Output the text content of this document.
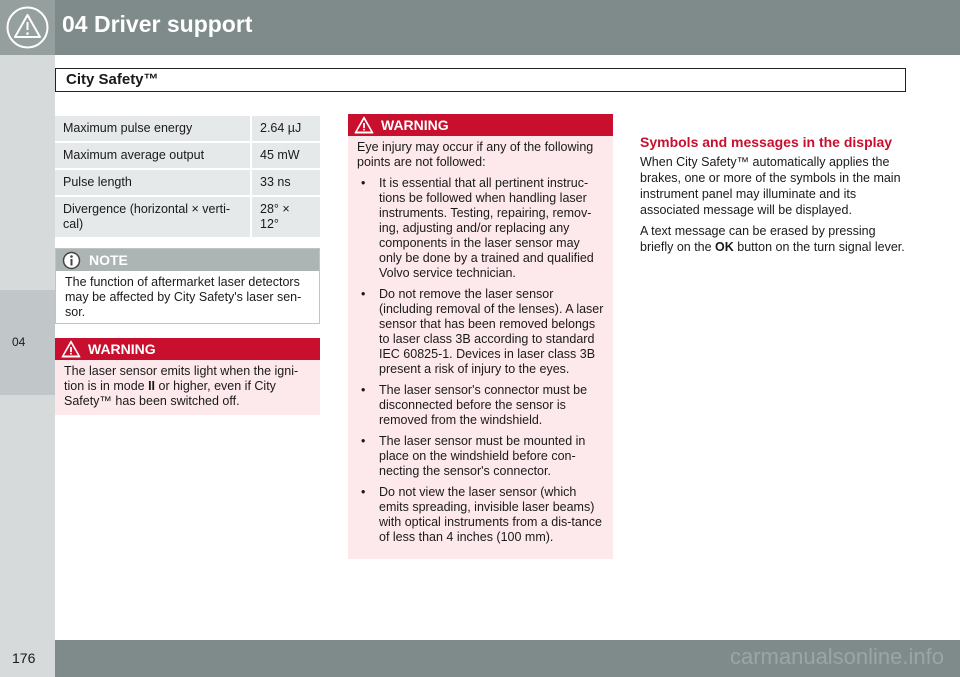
04 Driver support
04
City Safety™
Maximum pulse energy	2.64 µJ
Maximum average output	45 mW
Pulse length	33 ns
Divergence (horizontal × verti-cal)	28° × 12°
NOTE
The function of aftermarket laser detectors may be affected by City Safety's laser sen-sor.
WARNING
The laser sensor emits light when the igni-tion is in mode II or higher, even if City Safety™ has been switched off.
WARNING
Eye injury may occur if any of the following points are not followed:
• It is essential that all pertinent instruc-tions be followed when handling laser instruments. Testing, repairing, remov-ing, adjusting and/or replacing any components in the laser sensor may only be done by a trained and qualified Volvo service technician.
• Do not remove the laser sensor (including removal of the lenses). A laser sensor that has been removed belongs to laser class 3B according to standard IEC 60825-1. Devices in laser class 3B present a risk of injury to the eyes.
• The laser sensor's connector must be disconnected before the sensor is removed from the windshield.
• The laser sensor must be mounted in place on the windshield before con-necting the sensor's connector.
• Do not view the laser sensor (which emits spreading, invisible laser beams) with optical instruments from a dis-tance of less than 4 inches (100 mm).
Symbols and messages in the display
When City Safety™ automatically applies the brakes, one or more of the symbols in the main instrument panel may illuminate and its associated message will be displayed.
A text message can be erased by pressing briefly on the OK button on the turn signal lever.
176	carmanualsonline.info
